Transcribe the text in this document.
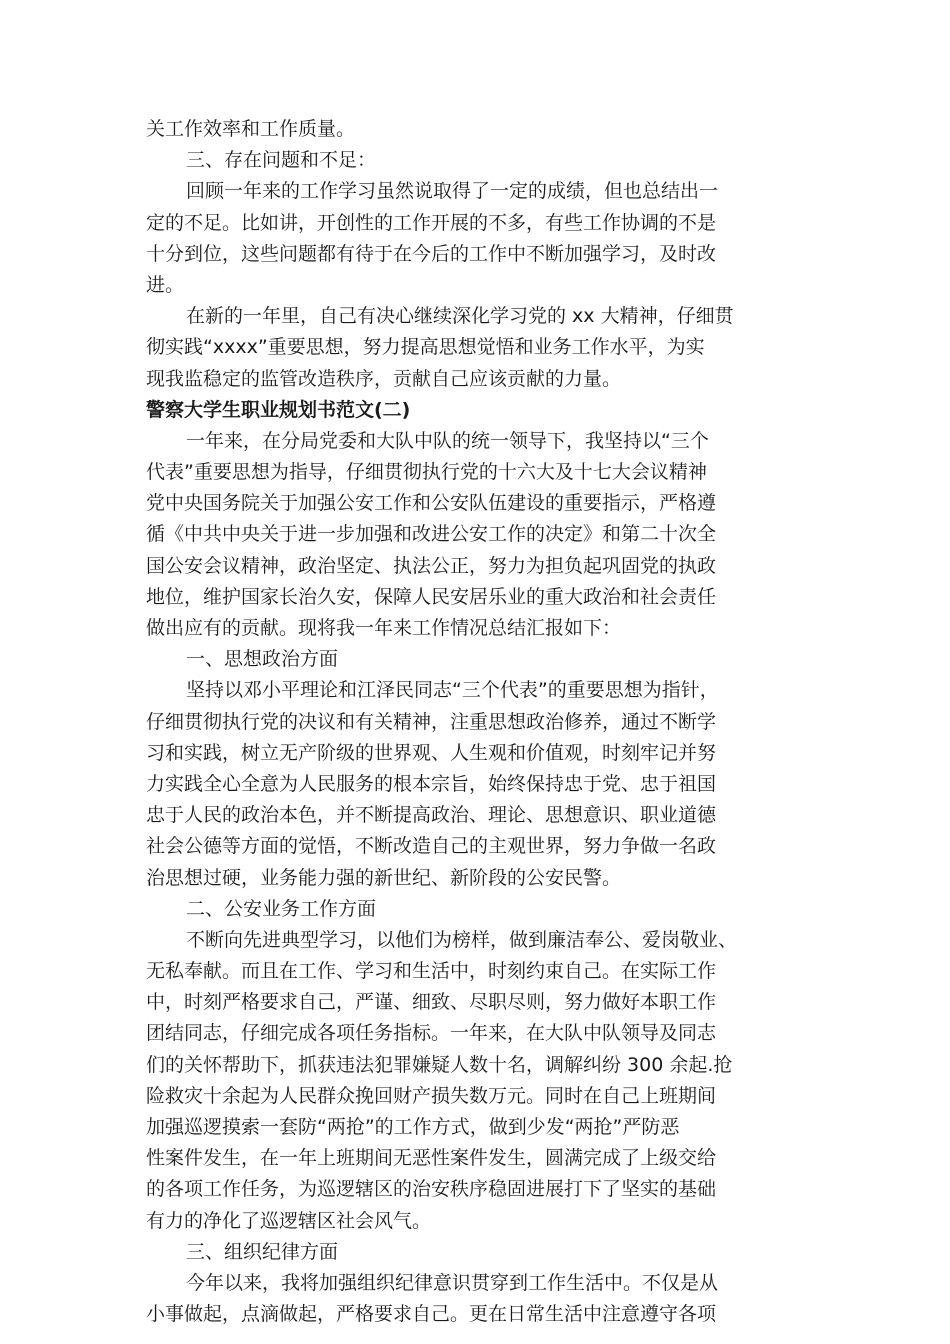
关工作效率和工作质量。
三、存在问题和不足：
回顾一年来的工作学习虽然说取得了一定的成绩，但也总结出一
定的不足。比如讲，开创性的工作开展的不多，有些工作协调的不是
十分到位，这些问题都有待于在今后的工作中不断加强学习，及时改
进。
在新的一年里，自己有决心继续深化学习党的 xx 大精神，仔细贯
彻实践“xxxx”重要思想，努力提高思想觉悟和业务工作水平，为实
现我监稳定的监管改造秩序，贡献自己应该贡献的力量。
警察大学生职业规划书范文(二)
一年来，在分局党委和大队中队的统一领导下，我坚持以“三个
代表”重要思想为指导，仔细贯彻执行党的十六大及十七大会议精神
党中央国务院关于加强公安工作和公安队伍建设的重要指示，严格遵
循《中共中央关于进一步加强和改进公安工作的决定》和第二十次全
国公安会议精神，政治坚定、执法公正，努力为担负起巩固党的执政
地位，维护国家长治久安，保障人民安居乐业的重大政治和社会责任
做出应有的贡献。现将我一年来工作情况总结汇报如下：
一、思想政治方面
坚持以邓小平理论和江泽民同志“三个代表”的重要思想为指针，
仔细贯彻执行党的决议和有关精神，注重思想政治修养，通过不断学
习和实践，树立无产阶级的世界观、人生观和价值观，时刻牢记并努
力实践全心全意为人民服务的根本宗旨，始终保持忠于党、忠于祖国
忠于人民的政治本色，并不断提高政治、理论、思想意识、职业道德
社会公德等方面的觉悟，不断改造自己的主观世界，努力争做一名政
治思想过硬，业务能力强的新世纪、新阶段的公安民警。
二、公安业务工作方面
不断向先进典型学习，以他们为榜样，做到廉洁奉公、爱岗敬业、
无私奉献。而且在工作、学习和生活中，时刻约束自己。在实际工作
中，时刻严格要求自己，严谨、细致、尽职尽则，努力做好本职工作
团结同志，仔细完成各项任务指标。一年来，在大队中队领导及同志
们的关怀帮助下，抓获违法犯罪嫌疑人数十名，调解纠纷 300 余起.抢
险救灾十余起为人民群众挽回财产损失数万元。同时在自己上班期间
加强巡逻摸索一套防“两抢”的工作方式，做到少发“两抢”严防恶
性案件发生，在一年上班期间无恶性案件发生，圆满完成了上级交给
的各项工作任务，为巡逻辖区的治安秩序稳固进展打下了坚实的基础
有力的净化了巡逻辖区社会风气。
三、组织纪律方面
今年以来，我将加强组织纪律意识贯穿到工作生活中。不仅是从
小事做起，点滴做起，严格要求自己。更在日常生活中注意遵守各项
